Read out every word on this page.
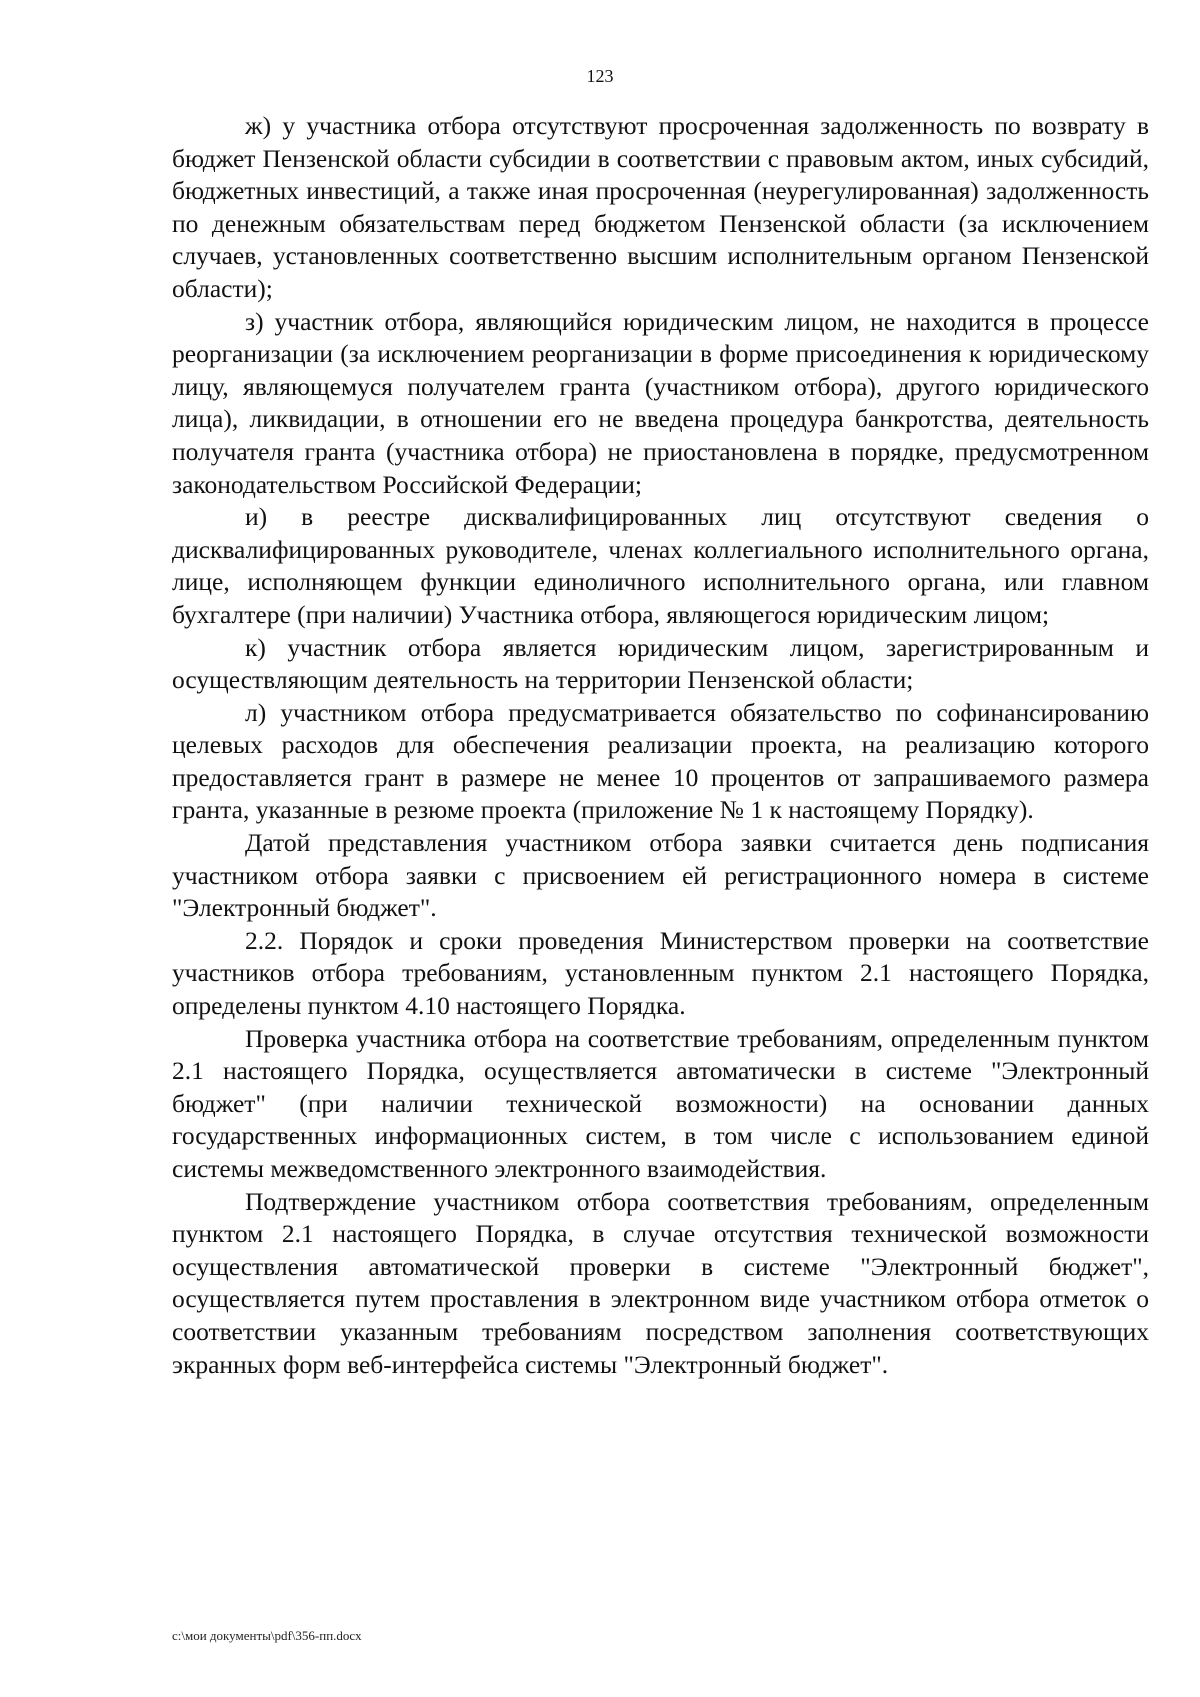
123

ж) у участника отбора отсутствуют просроченная задолженность по возврату в бюджет Пензенской области субсидии в соответствии с правовым актом, иных субсидий, бюджетных инвестиций, а также иная просроченная (неурегулированная) задолженность по денежным обязательствам перед бюджетом Пензенской области (за исключением случаев, установленных соответственно высшим исполнительным органом Пензенской области);

з) участник отбора, являющийся юридическим лицом, не находится в процессе реорганизации (за исключением реорганизации в форме присоединения к юридическому лицу, являющемуся получателем гранта (участником отбора), другого юридического лица), ликвидации, в отношении его не введена процедура банкротства, деятельность получателя гранта (участника отбора) не приостановлена в порядке, предусмотренном законодательством Российской Федерации;

и) в реестре дисквалифицированных лиц отсутствуют сведения о дисквалифицированных руководителе, членах коллегиального исполнительного органа, лице, исполняющем функции единоличного исполнительного органа, или главном бухгалтере (при наличии) Участника отбора, являющегося юридическим лицом;

к) участник отбора является юридическим лицом, зарегистрированным и осуществляющим деятельность на территории Пензенской области;

л) участником отбора предусматривается обязательство по софинансированию целевых расходов для обеспечения реализации проекта, на реализацию которого предоставляется грант в размере не менее 10 процентов от запрашиваемого размера гранта, указанные в резюме проекта (приложение № 1 к настоящему Порядку).

Датой представления участником отбора заявки считается день подписания участником отбора заявки с присвоением ей регистрационного номера в системе "Электронный бюджет".

2.2. Порядок и сроки проведения Министерством проверки на соответствие участников отбора требованиям, установленным пунктом 2.1 настоящего Порядка, определены пунктом 4.10 настоящего Порядка.

Проверка участника отбора на соответствие требованиям, определенным пунктом 2.1 настоящего Порядка, осуществляется автоматически в системе "Электронный бюджет" (при наличии технической возможности) на основании данных государственных информационных систем, в том числе с использованием единой системы межведомственного электронного взаимодействия.

Подтверждение участником отбора соответствия требованиям, определенным пунктом 2.1 настоящего Порядка, в случае отсутствия технической возможности осуществления автоматической проверки в системе "Электронный бюджет", осуществляется путем проставления в электронном виде участником отбора отметок о соответствии указанным требованиям посредством заполнения соответствующих экранных форм веб-интерфейса системы "Электронный бюджет".

c:\мои документы\pdf\356-пп.docx
